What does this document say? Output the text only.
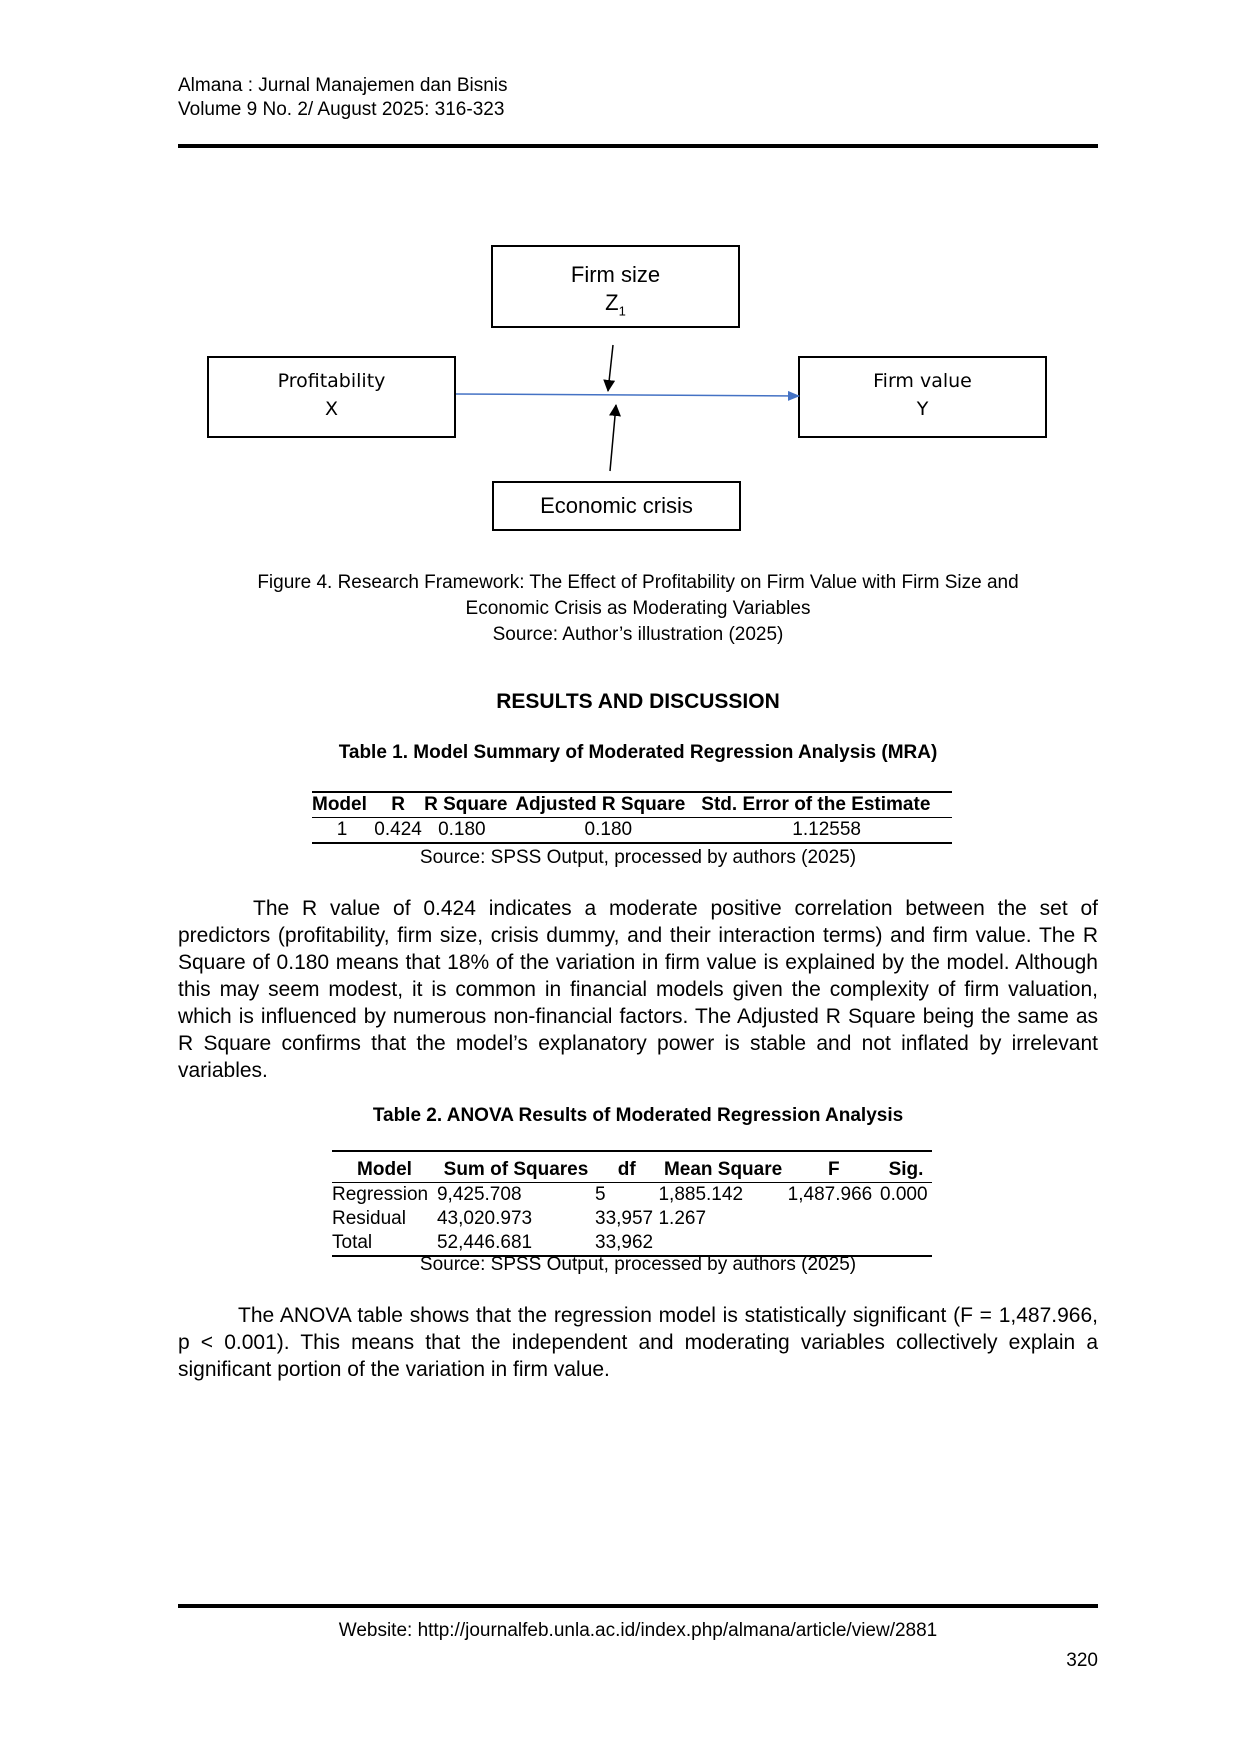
Almana : Jurnal Manajemen dan Bisnis
Volume 9 No. 2/ August 2025: 316-323
Firm size
$Z_1$
Profitability
X
Firm value
Y
Economic crisis
Figure 4. Research Framework: The Effect of Profitability on Firm Value with Firm Size and
Economic Crisis as Moderating Variables
Source: Author’s illustration (2025)
RESULTS AND DISCUSSION
Table 1. Model Summary of Moderated Regression Analysis (MRA)
Model	R	R Square	Adjusted R Square	Std. Error of the Estimate
1	0.424	0.180	0.180	1.12558
Source: SPSS Output, processed by authors (2025)

The R value of 0.424 indicates a moderate positive correlation between the set of predictors (profitability, firm size, crisis dummy, and their interaction terms) and firm value. The R Square of 0.180 means that 18% of the variation in firm value is explained by the model. Although this may seem modest, it is common in financial models given the complexity of firm valuation, which is influenced by numerous non-financial factors. The Adjusted R Square being the same as R Square confirms that the model’s explanatory power is stable and not inflated by irrelevant variables.

Table 2. ANOVA Results of Moderated Regression Analysis
Model	Sum of Squares	df	Mean Square	F	Sig.
Regression	9,425.708	5	1,885.142	1,487.966	0.000
Residual	43,020.973	33,957	1.267		
Total	52,446.681	33,962			
Source: SPSS Output, processed by authors (2025)

The ANOVA table shows that the regression model is statistically significant (F = 1,487.966, p < 0.001). This means that the independent and moderating variables collectively explain a significant portion of the variation in firm value.

Website: http://journalfeb.unla.ac.id/index.php/almana/article/view/2881
320
